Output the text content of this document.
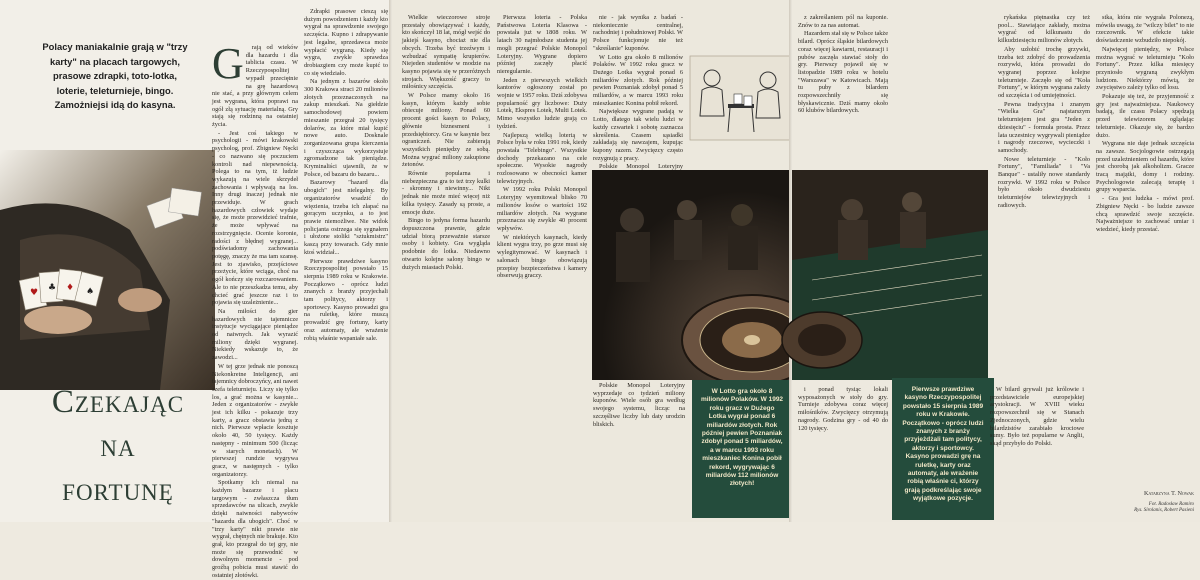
♥ ♣ ♦ ♠
Polacy maniakalnie grają w "trzy karty" na placach targowych, prasowe zdrapki, toto-lotka, loterie, teleturnieje, bingo. Zamożniejsi idą do kasyna.
Czekając
na
fortunę
G	rają od wieków dla hazardu i dla tablicia czasu. W Rzeczypospolitej wypadł przeciętnie na grę hazardową nie stać, a przy głównym celem jest wygrana, która poprawi na ogół złą sytuację materialną. Gry stają się rodzinną na ostatniej życia.

- Jest coś takiego w psychologii - mówi krakowski psycholog, prof. Zbigniew Nęcki - co nazwano się poczuciem kontroli nad niepewnością. Polega to na tym, iż ludzie wykazują na wiele skrzydeł zachowania i wpływają na los. Inny drugi inaczej jednak nie przewiduje. W grach hazardowych człowiek wydaje się, że może przewidzieć trafnie, że może wpływać na rozstrzygnięcie. Ocenie koronie, radości z błędnej wygranej... podświadomy zachowania potęgę, znaczy że ma tam szansę. Jest to zjawisko, przejściowe przeżycie, które wciąga, choć na ogół kończy się rozczarowaniem. Ale to nie przeszkadza temu, aby chcieć grać jeszcze raz i to pojawia się uzależnienie...

Na miłości do gier hazardowych nie tajemnicze instytucje wyciągające pieniądze od naiwnych. Jak wyrazić miliony dzięki wygranej. Niekiedy wskazuje to, że zawodzi...

W tej grze jednak nie ponoszą Niekonkretne Inteligencji, ani tajemnicy dobroczyńcy, ani nawet szefa teleturnieju. Liczy się tylko los, a grać można w kasynie... Jeden z organizatorów - zwykłe jest ich kilku - pokazuje trzy karty, a gracz obstawia jedną z nich. Pierwsze wpłacie kosztuje około 40, 50 tysięcy. Każdy następny - minimum 500 (licząc w starych monetach). W pierwszej rundzie wygrywa gracz, w następnych - tylko organizatorzy.

Spotkamy ich niemal na każdym bazarze i placu targowym - zwłaszcza tłum sprzedawców na ulicach, zwykle dzięki naiwności nabywców "hazardu dla ubogich". Choć w "trzy karty" nikt prawie nie wygrał, chętnych nie brakuje. Kto grał, kto przegrał do tej gry, nie może się przewodnić w dowolnym momencie - pod groźbą pobicia musi stawić do ostatniej złotówki.

Zdrapki prasowe cieszą się dużym powodzeniem i każdy kto wygrał na sprawdzenie swojego szczęścia. Kupno i zdrapywanie jest legalne, sprzedawca może wypłacić wygraną. Kiedy się wygra, zwykle sprawdza drobiazgiem czy może kupić to co się wiedziało.

Na jednym z bazarów około 300 Krakowa straci 20 milionów złotych przeznaczonych na zakup mieszkań. Na giełdzie samochodowej powiem mieszanie przegrał 20 tysięcy dolarów, za które miał kupić nowe auto. Dosknale zorganizowana grupa kierczenia i czyszcząca wykorzystuje zgromadzone tak pieniądze. Kryminaliści ujawnili, że w Polsce, od bazaru do bazaru...

Bazarowy "hazard dla ubogich" jest nielegalny. By organizatorów wsadzić do więzienia, trzeba ich złapać na gorącym uczynku, a to jest prawie niemożliwe. Nie widok policjanta ostrzega się sygnałem i ułożone stoliki "sztukmistrz" kaszą przy towarach. Gdy mnie ktoś widział...

Pierwsze prawdziwe kasyno Rzeczypospolitej powstało 15 sierpnia 1989 roku w Krakowie. Początkowo - oprócz ludzi znanych z branży przyjechali tam politycy, aktorzy i sportowcy. Kasyno prowadzi gra na ruletkę, które muszą prowadzić grę fortuny, karty oraz automaty, ale wrażenie robią właśnie wspaniałe sale.

Wielkie wieczorowe stroje przestały obowiązywać i każdy, kto skończył 18 lat, mógł wejść do jakiejś kasyno, chociaż nie dla obcych. Trzeba być trzeźwym i wzbudzać sympatię krupierów. Niejeden studentów w modzie na kasyno pojawia się w przeróżnych strojach. Większość graczy to miłośnicy szczęścia.

W Polsce mamy około 16 kasyn, którym każdy sobie obiecuje miliony. Ponad 60 procent gości kasyn to Polacy, głównie biznesmeni i przedsiębiorcy. Gra w kasynie bez ograniczeń. Nie zabierają wszystkich pieniędzy ze sobą. Można wygrać miliony zakupione żetonów.

Równie popularna i niebezpieczna gra to też trzy kulki - skromny i niewinny... Nikt jednak nie może mieć więcej niż kilka tysięcy. Zasady są proste, a emocje duże.

Bingo to jedyna forma hazardu dopuszczona prawnie, gdzie udział biorą przeważnie starsze osoby i kobiety. Gra wygląda podobnie do lotka. Niedawno otwarto kolejne salony bingo w dużych miastach Polski.

Pierwsza loteria - Polska Państwowa Loteria Klasowa - powstała już w 1808 roku. W latach 30 najmłodsze studenta jej mogli przegrać Polskie Monopol Loteryjny. Wygrane dopiero później zaczęły płacić nieregularnie.

Jeden z pierwszych wielkich kantorów ogłoszony został po wojnie w 1957 roku. Dziś zdobywa popularność gry liczbowe: Duży Lotek, Ekspres Lotek, Multi Lotek. Mimo wszystko ludzie grają co tydzień.

Najlepszą wielką loterią w Polsce była w roku 1991 rok, kiedy powstała "Telebingo". Wszystkie dochody przekazano na cele społeczne. Wysokie nagrody rozlosowano w obecności kamer telewizyjnych.

W 1992 roku Polski Monopol Loteryjny wyemitował blisko 70 milionów losów o wartości 192 miliardów złotych. Na wygrane przeznacza się zwykle 40 procent wpływów.

W niektórych kasynach, kiedy klient wygra trzy, po grze musi się wylegitymować. W kasynach i salonach bingo obowiązują przepisy bezpieczeństwa i kamery obserwują graczy.

nie - jak wynika z badań - niekoniecznie centralnej, rachodniej i południowej Polski. W Polsce funkcjonuje nie też "skreślanie" kuponów.

W Lotto gra około 8 milionów Polaków. W 1992 roku gracz w Dużego Lotka wygrał ponad 6 miliardów złotych. Rok później pewien Poznaniak zdobył ponad 5 miliardów, a w marcu 1993 roku mieszkaniec Konina pobił rekord.

Największe wygrane padają w Lotto, dlatego tak wielu ludzi w każdy czwartek i sobotę zaznacza skreślenia. Czasem sąsiadki zakładają się nawzajem, kupując kupony razem. Zwycięzcy często rezygnują z pracy.

Polskie Monopol Loteryjny

W Lotto gra około 8 milionów Polaków. W 1992 roku gracz w Dużego Lotka wygrał ponad 6 miliardów złotych. Rok później pewien Poznaniak zdobył ponad 5 miliardów, a w marcu 1993 roku mieszkaniec Konina pobił rekord, wygrywając 6 miliardów 112 milionów złotych!

Polskie Monopol Loteryjny wyprzedaje co tydzień miliony kuponów. Wiele osób gra według swojego systemu, licząc na szczęśliwe liczby lub daty urodzin bliskich.

z zakreślaniem pól na kuponie. Znów to za nas automat.

Hazardem stał się w Polsce także bilard. Oprócz śląskie bilardowych coraz więcej kawiarni, restauracji i pubów zaczęła stawiać stoły do gry. Pierwszy pojawił się w listopadzie 1989 roku w hotelu "Warszawa" w Katowicach. Mają tu puby z bilardem rozpowszechniły się błyskawicznie. Dziś mamy około 60 klubów bilardowych.

Pierwsze prawdziwe kasyno Rzeczypospolitej powstało 15 sierpnia 1989 roku w Krakowie. Początkowo - oprócz ludzi znanych z branży przyjeżdżali tam politycy, aktorzy i sportowcy. Kasyno prowadzi grę na ruletkę, karty oraz automaty, ale wrażenie robią właśnie ci, którzy grają podkreślając swoje wyjątkowe pozycje.

i ponad tysiąc lokali wyposażonych w stoły do gry. Turnieje zdobywa coraz więcej miłośników. Zwycięzcy otrzymują nagrody. Godzina gry - od 40 do 120 tysięcy.

W bilard grywali już królowie i przedstawiciele europejskiej arystokracji. W XVIII wieku rozpowszechnił się w Stanach Zjednoczonych, gdzie wielu bilardzistów zarabiało krociowe sumy. Było też popularne w Anglii, skąd przybyło do Polski.

rykańska piętnastka czy też pool... Stawiające zakłady, można wygrać od kilkunastu do kilkudziesięciu milionów złotych.

Aby uzłobić trochę grzywki, trzeba też zdobyć do prowadzenia rozrywki, która prowadzi do wygranej poprzez kolejne teleturnieje. Zaczęło się od "Koła Fortuny", w którym wygrana zależy od szczęścia i od umiejętności.

Pewna tradycyjna i znanym "Wielka Gra" najstarszym teleturniejem jest gra "Jeden z dziesięciu" - formuła prosta. Przez lata uczestnicy wygrywali pieniądze i nagrody rzeczowe, wycieczki i samochody.

Nowe teleturnieje - "Koło Fortuny", "Familiada" i "Va Banque" - ustaliły nowe standardy rozrywki. W 1992 roku w Polsce było około dwudziestu teleturniejów telewizyjnych i radiowych.

stka, która nie wygrała Polonezą, mówiła uwagą, że "wilczy bilet" to nie rzeczownik. W efekcie takie doświadczenie wzbudziło niepokój.

Najwięcej pieniędzy, w Polsce można wygrać w teleturnieju "Koło Fortuny". Przez kilka miesięcy przyniosło wygraną zwykłym ludziom. Niektórzy mówią, że zwycięstwo zależy tylko od losu.

Pokazuje się też, że przyjemność z gry jest najważniejsza. Naukowcy badają, ile czasu Polacy spędzają przed telewizorem oglądając teleturnieje. Okazuje się, że bardzo dużo.

Wygrana nie daje jednak szczęścia na zawsze. Socjologowie ostrzegają przed uzależnieniem od hazardu, które jest chorobą jak alkoholizm. Gracze tracą majątki, domy i rodziny. Psychologowie zalecają terapię i grupy wsparcia.

- Gra jest ludzka - mówi prof. Zbigniew Nęcki - bo ludzie zawsze chcą sprawdzić swoje szczęście. Najważniejsze to zachować umiar i wiedzieć, kiedy przestać.

Katarzyna T. Nowak
Fot. Radosław Ramiro
Rys. Sirolanis, Robert Pasieni
